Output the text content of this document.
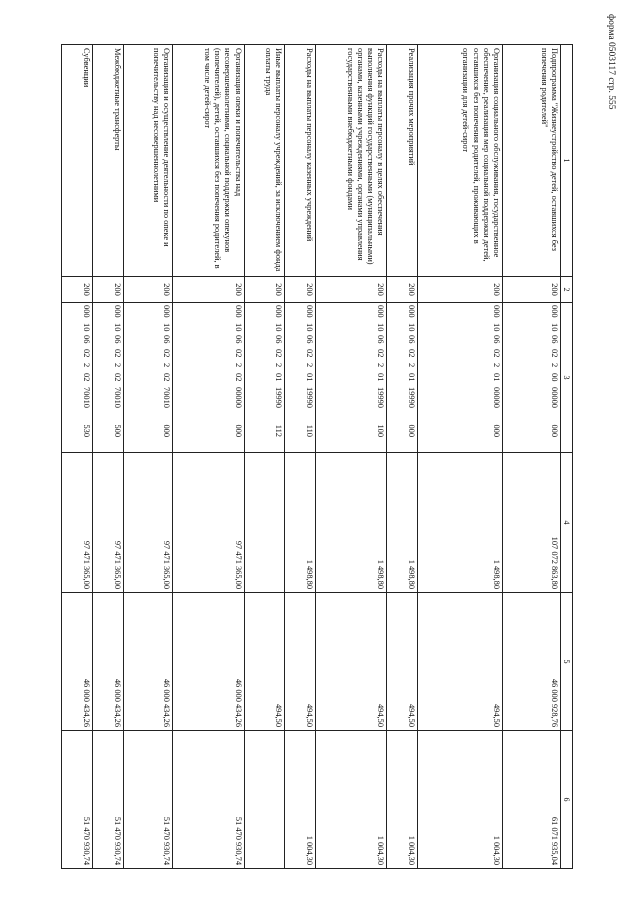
форма 0503117 стр. 555
1	2	3	4	5	6
Подпрограмма "Жизнеустройство детей, оставшихся без попечения родителей"	200	00010060220000000000	107 072 863,80	46 000 928,76	61 071 935,04
Организация социального обслуживания, государственное обеспечение, реализация мер социальной поддержки детей, оставшихся без попечения родителей, проживающих в организации для детей-сирот	200	00010060220100000000	1 498,80	494,50	1 004,30
Реализация прочих мероприятий	200	00010060220119990000	1 498,80	494,50	1 004,30
Расходы на выплаты персоналу в целях обеспечения выполнения функций государственными (муниципальными) органами, казенными учреждениями, органами управления государственными внебюджетными фондами	200	00010060220119990100	1 498,80	494,50	1 004,30
Расходы на выплаты персоналу казенных учреждений	200	00010060220119990110	1 498,80	494,50	1 004,30
Иные выплаты персоналу учреждений, за исключением фонда оплаты труда	200	00010060220119990112		494,50	
Организация опеки и попечительства над несовершеннолетними, социальной поддержки опекунов (попечителей), детей, оставшихся без попечения родителей, в том числе детей-сирот	200	00010060220200000000	97 471 365,00	46 000 434,26	51 470 930,74
Организация и осуществление деятельности по опеке и попечительству над несовершеннолетними	200	00010060220270010000	97 471 365,00	46 000 434,26	51 470 930,74
Межбюджетные трансферты	200	00010060220270010500	97 471 365,00	46 000 434,26	51 470 930,74
Субвенции	200	00010060220270010530	97 471 365,00	46 000 434,26	51 470 930,74
